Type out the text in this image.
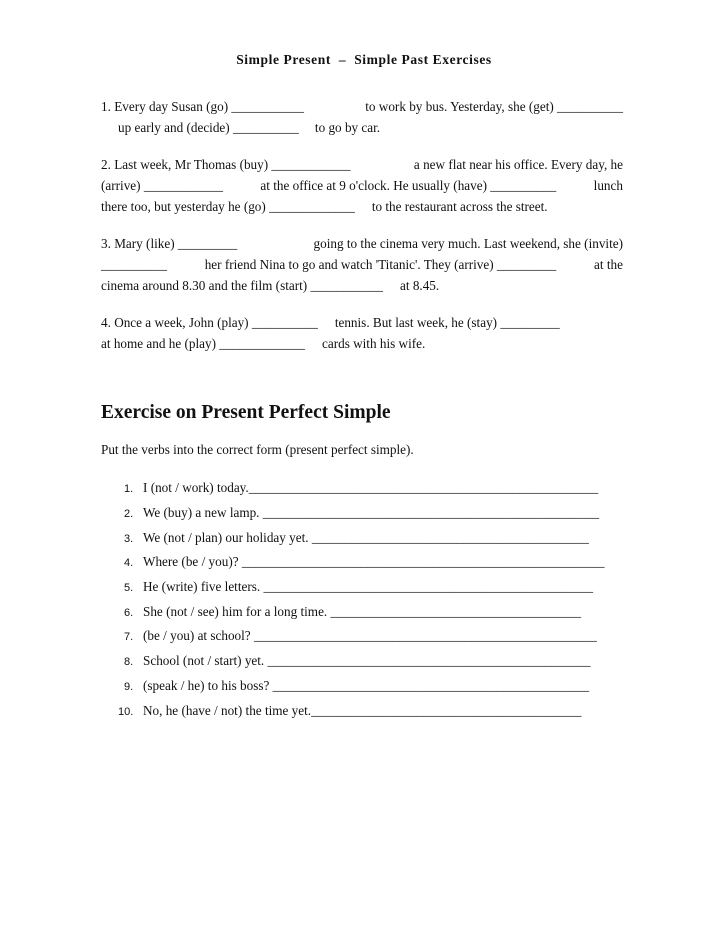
Simple Present  –  Simple Past Exercises
1. Every day Susan (go) ___________	to work by bus. Yesterday, she (get) __________
up early and (decide) __________	to go by car.
2. Last week, Mr Thomas (buy) ____________	a new flat near his office. Every day, he
(arrive) ____________	at the office at 9 o'clock. He usually (have) __________	lunch
there too, but yesterday he (go) _____________	to the restaurant across the street.
3. Mary (like) _________	going to the cinema very much. Last weekend, she (invite)
__________	her friend Nina to go and watch 'Titanic'. They (arrive) _________	at the
cinema around 8.30 and the film (start) ___________	at 8.45.
4. Once a week, John (play) __________	tennis. But last week, he (stay) _________
at home and he (play) _____________	cards with his wife.
Exercise on Present Perfect Simple
Put the verbs into the correct form (present perfect simple).
1. I (not / work) today._____________________________________________________
2. We (buy) a new lamp. ___________________________________________________
3. We (not / plan) our holiday yet. __________________________________________
4. Where (be / you)? _______________________________________________________
5. He (write) five letters. __________________________________________________
6. She (not / see) him for a long time. ______________________________________
7. (be / you) at school? ____________________________________________________
8. School (not / start) yet. _________________________________________________
9. (speak / he) to his boss? ________________________________________________
10. No, he (have / not) the time yet._________________________________________
